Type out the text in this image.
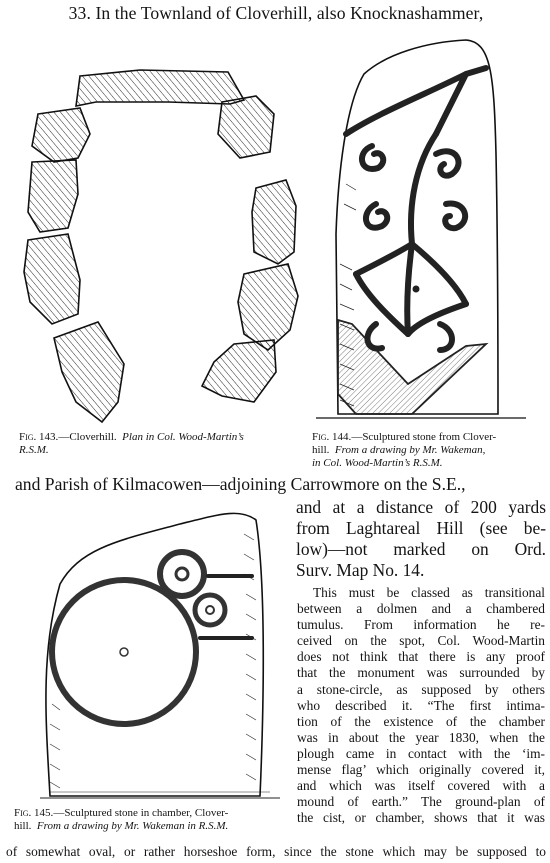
33. In the Townland of Cloverhill, also Knocknashammer,
Fig. 143.—Cloverhill. Plan in Col. Wood-Martin’s
R.S.M.
Fig. 144.—Sculptured stone from Clover-
hill. From a drawing by Mr. Wakeman,
in Col. Wood-Martin’s R.S.M.
and Parish of Kilmacowen—adjoining Carrowmore on the S.E.,
and at a distance of 200 yards
from Laghtareal Hill (see be-
low)—not marked on Ord.
Surv. Map No. 14.
Fig. 145.—Sculptured stone in chamber, Clover-
hill. From a drawing by Mr. Wakeman in R.S.M.
This must be classed as transitional
between a dolmen and a chambered
tumulus. From information he re-
ceived on the spot, Col. Wood-Martin
does not think that there is any proof
that the monument was surrounded by
a stone-circle, as supposed by others
who described it. “The first intima-
tion of the existence of the chamber
was in about the year 1830, when the
plough came in contact with the ‘im-
mense flag’ which originally covered it,
and which was itself covered with a
mound of earth.” The ground-plan of
the cist, or chamber, shows that it was
of somewhat oval, or rather horseshoe form, since the stone which may be supposed to
